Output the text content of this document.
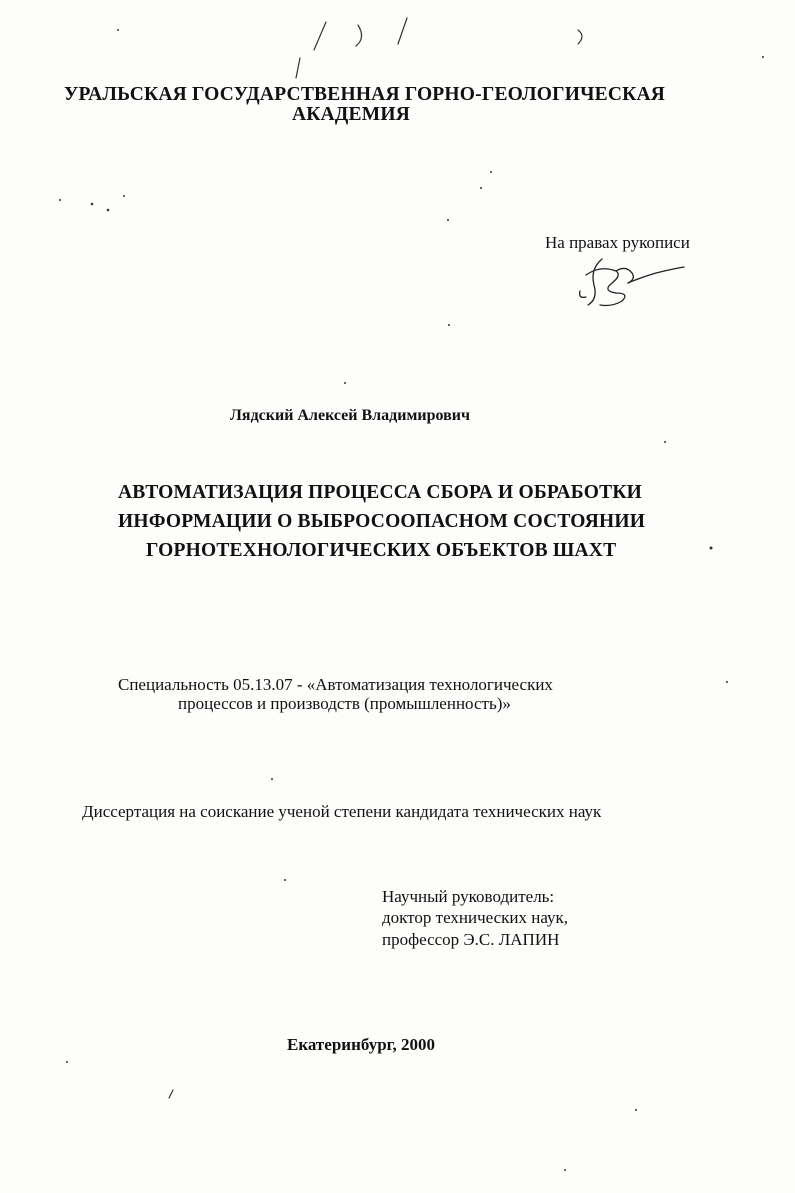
УРАЛЬСКАЯ ГОСУДАРСТВЕННАЯ ГОРНО-ГЕОЛОГИЧЕСКАЯ

АКАДЕМИЯ

На правах рукописи

Лядский Алексей Владимирович

АВТОМАТИЗАЦИЯ ПРОЦЕССА СБОРА И ОБРАБОТКИ

ИНФОРМАЦИИ О ВЫБРОСООПАСНОМ СОСТОЯНИИ

ГОРНОТЕХНОЛОГИЧЕСКИХ ОБЪЕКТОВ ШАХТ

Специальность 05.13.07 - «Автоматизация технологических

процессов и производств (промышленность)»

Диссертация на соискание ученой степени кандидата технических наук

Научный руководитель:

доктор технических наук,

профессор Э.С. ЛАПИН

Екатеринбург, 2000
